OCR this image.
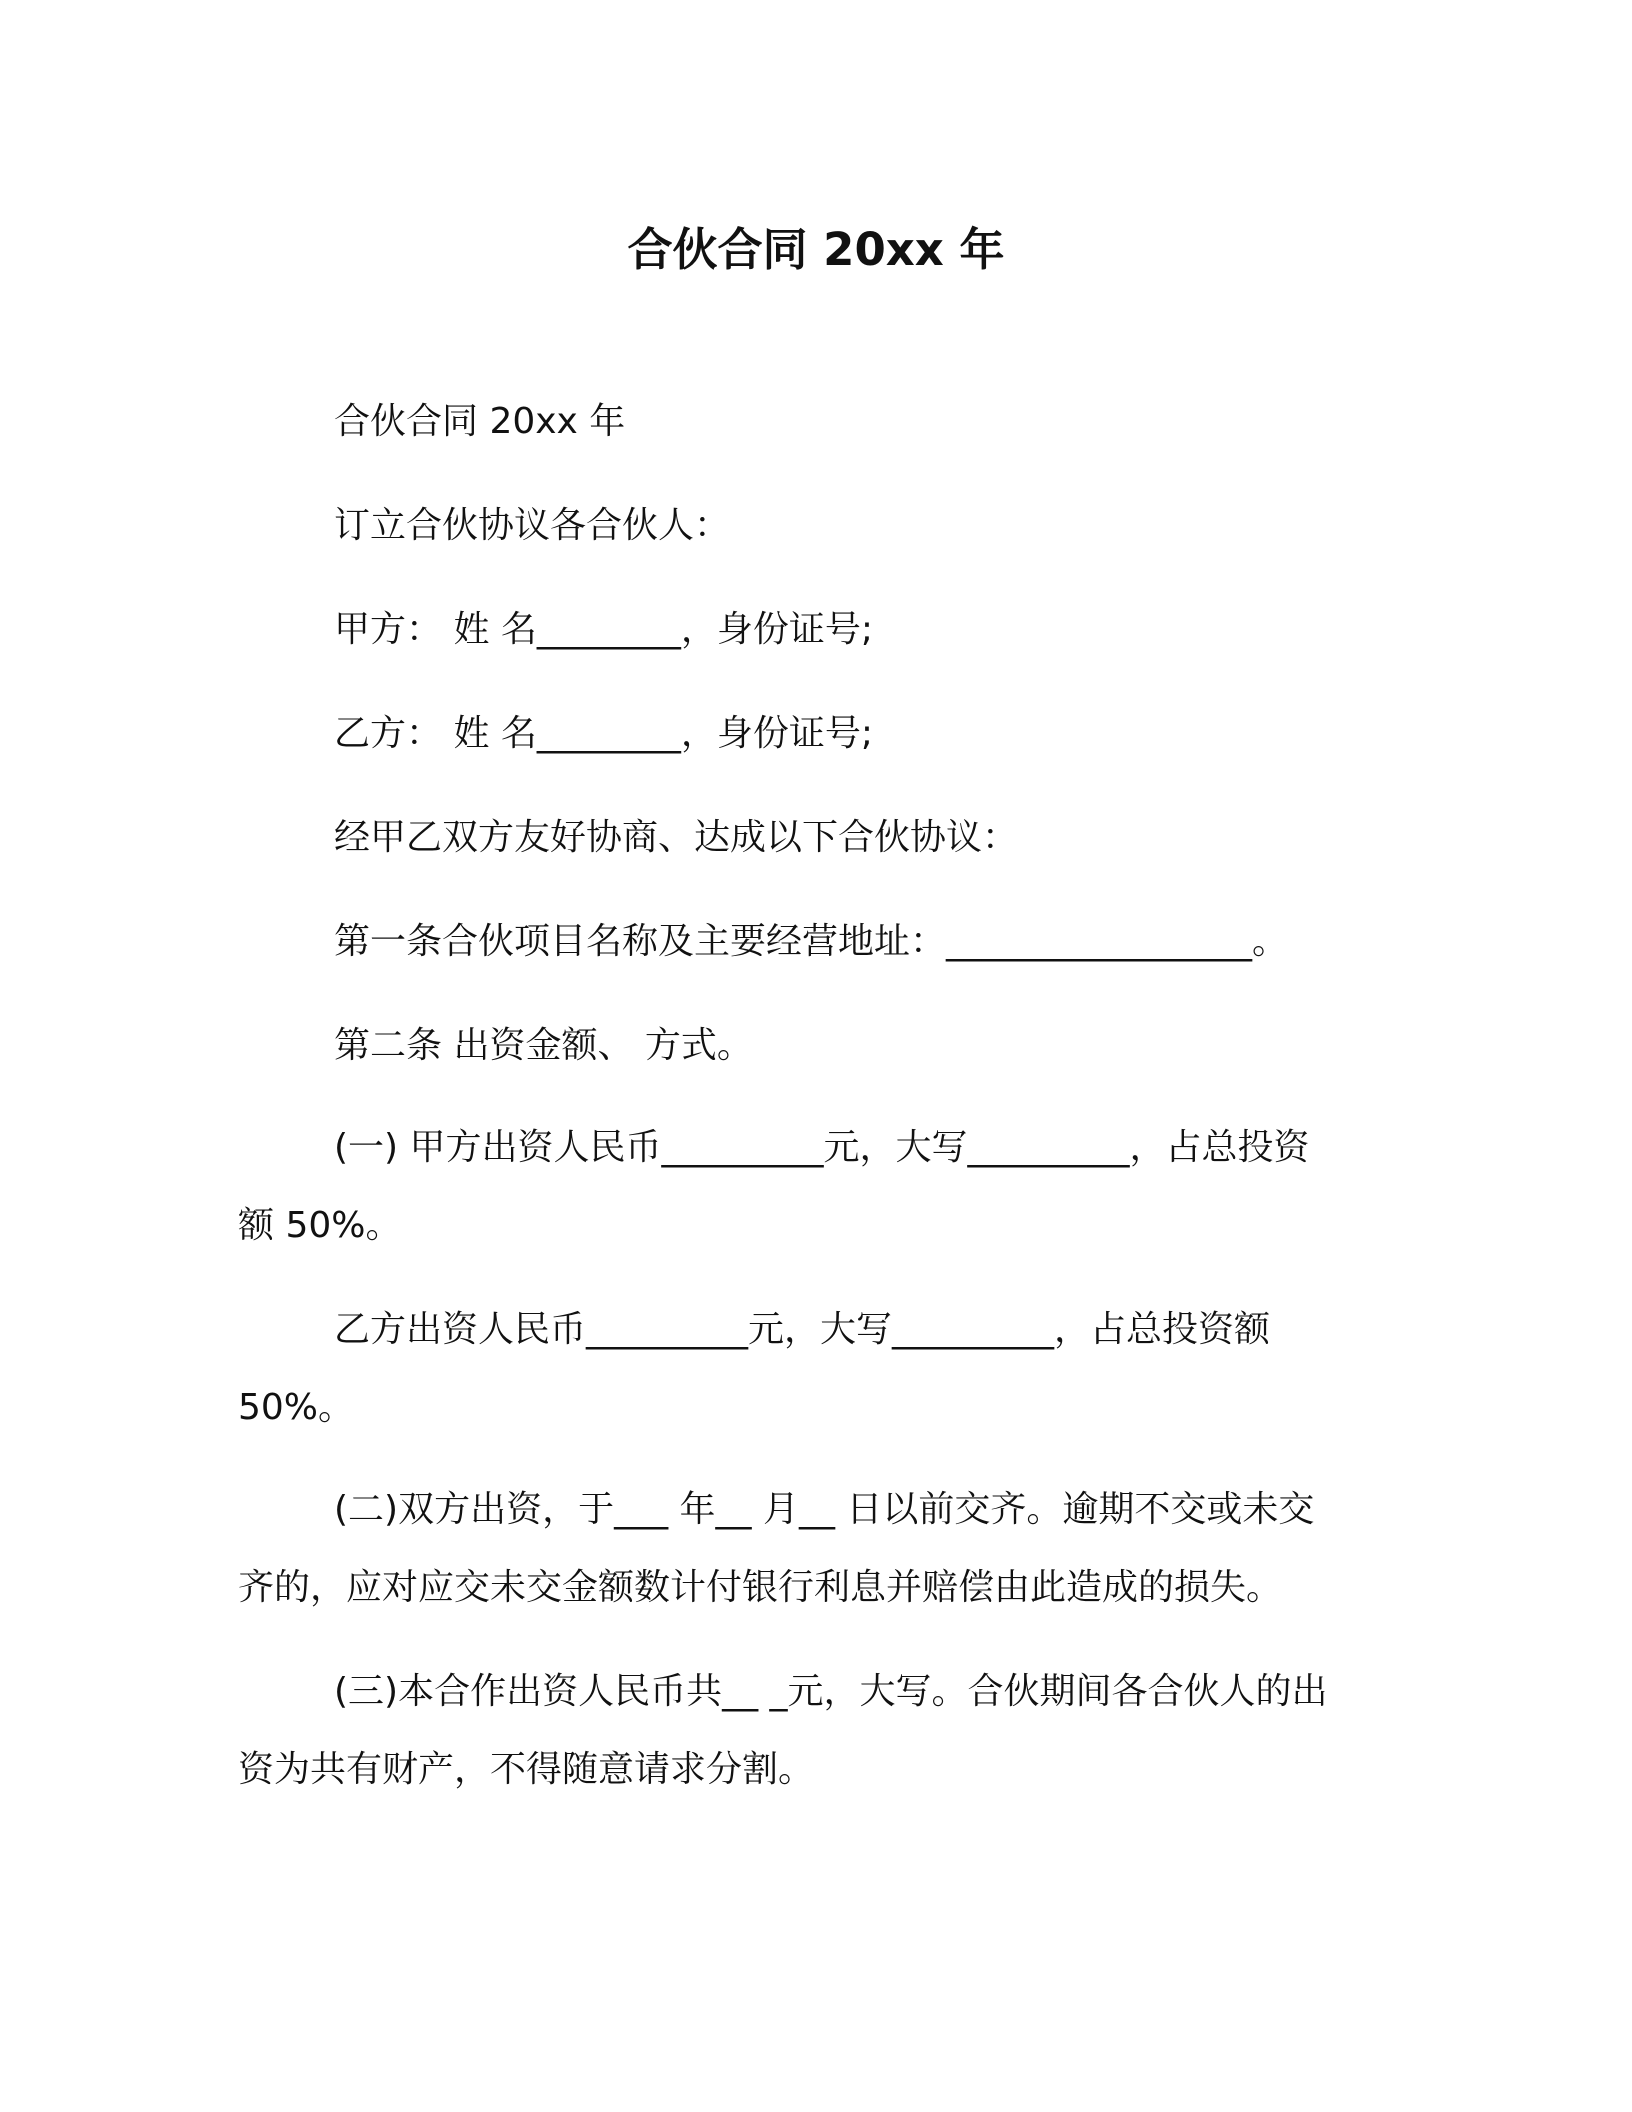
合伙合同 20xx 年
合伙合同 20xx 年
订立合伙协议各合伙人：
甲方： 姓 名________，身份证号;
乙方： 姓 名________，身份证号;
经甲乙双方友好协商、达成以下合伙协议：
第一条合伙项目名称及主要经营地址：_________________。
第二条 出资金额、 方式。
(一) 甲方出资人民币_________元，大写_________，占总投资
额 50%。
乙方出资人民币_________元，大写_________，占总投资额
50%。
(二)双方出资，于___ 年__ 月__ 日以前交齐。逾期不交或未交
齐的，应对应交未交金额数计付银行利息并赔偿由此造成的损失。
(三)本合作出资人民币共__ _元，大写。合伙期间各合伙人的出
资为共有财产，不得随意请求分割。
